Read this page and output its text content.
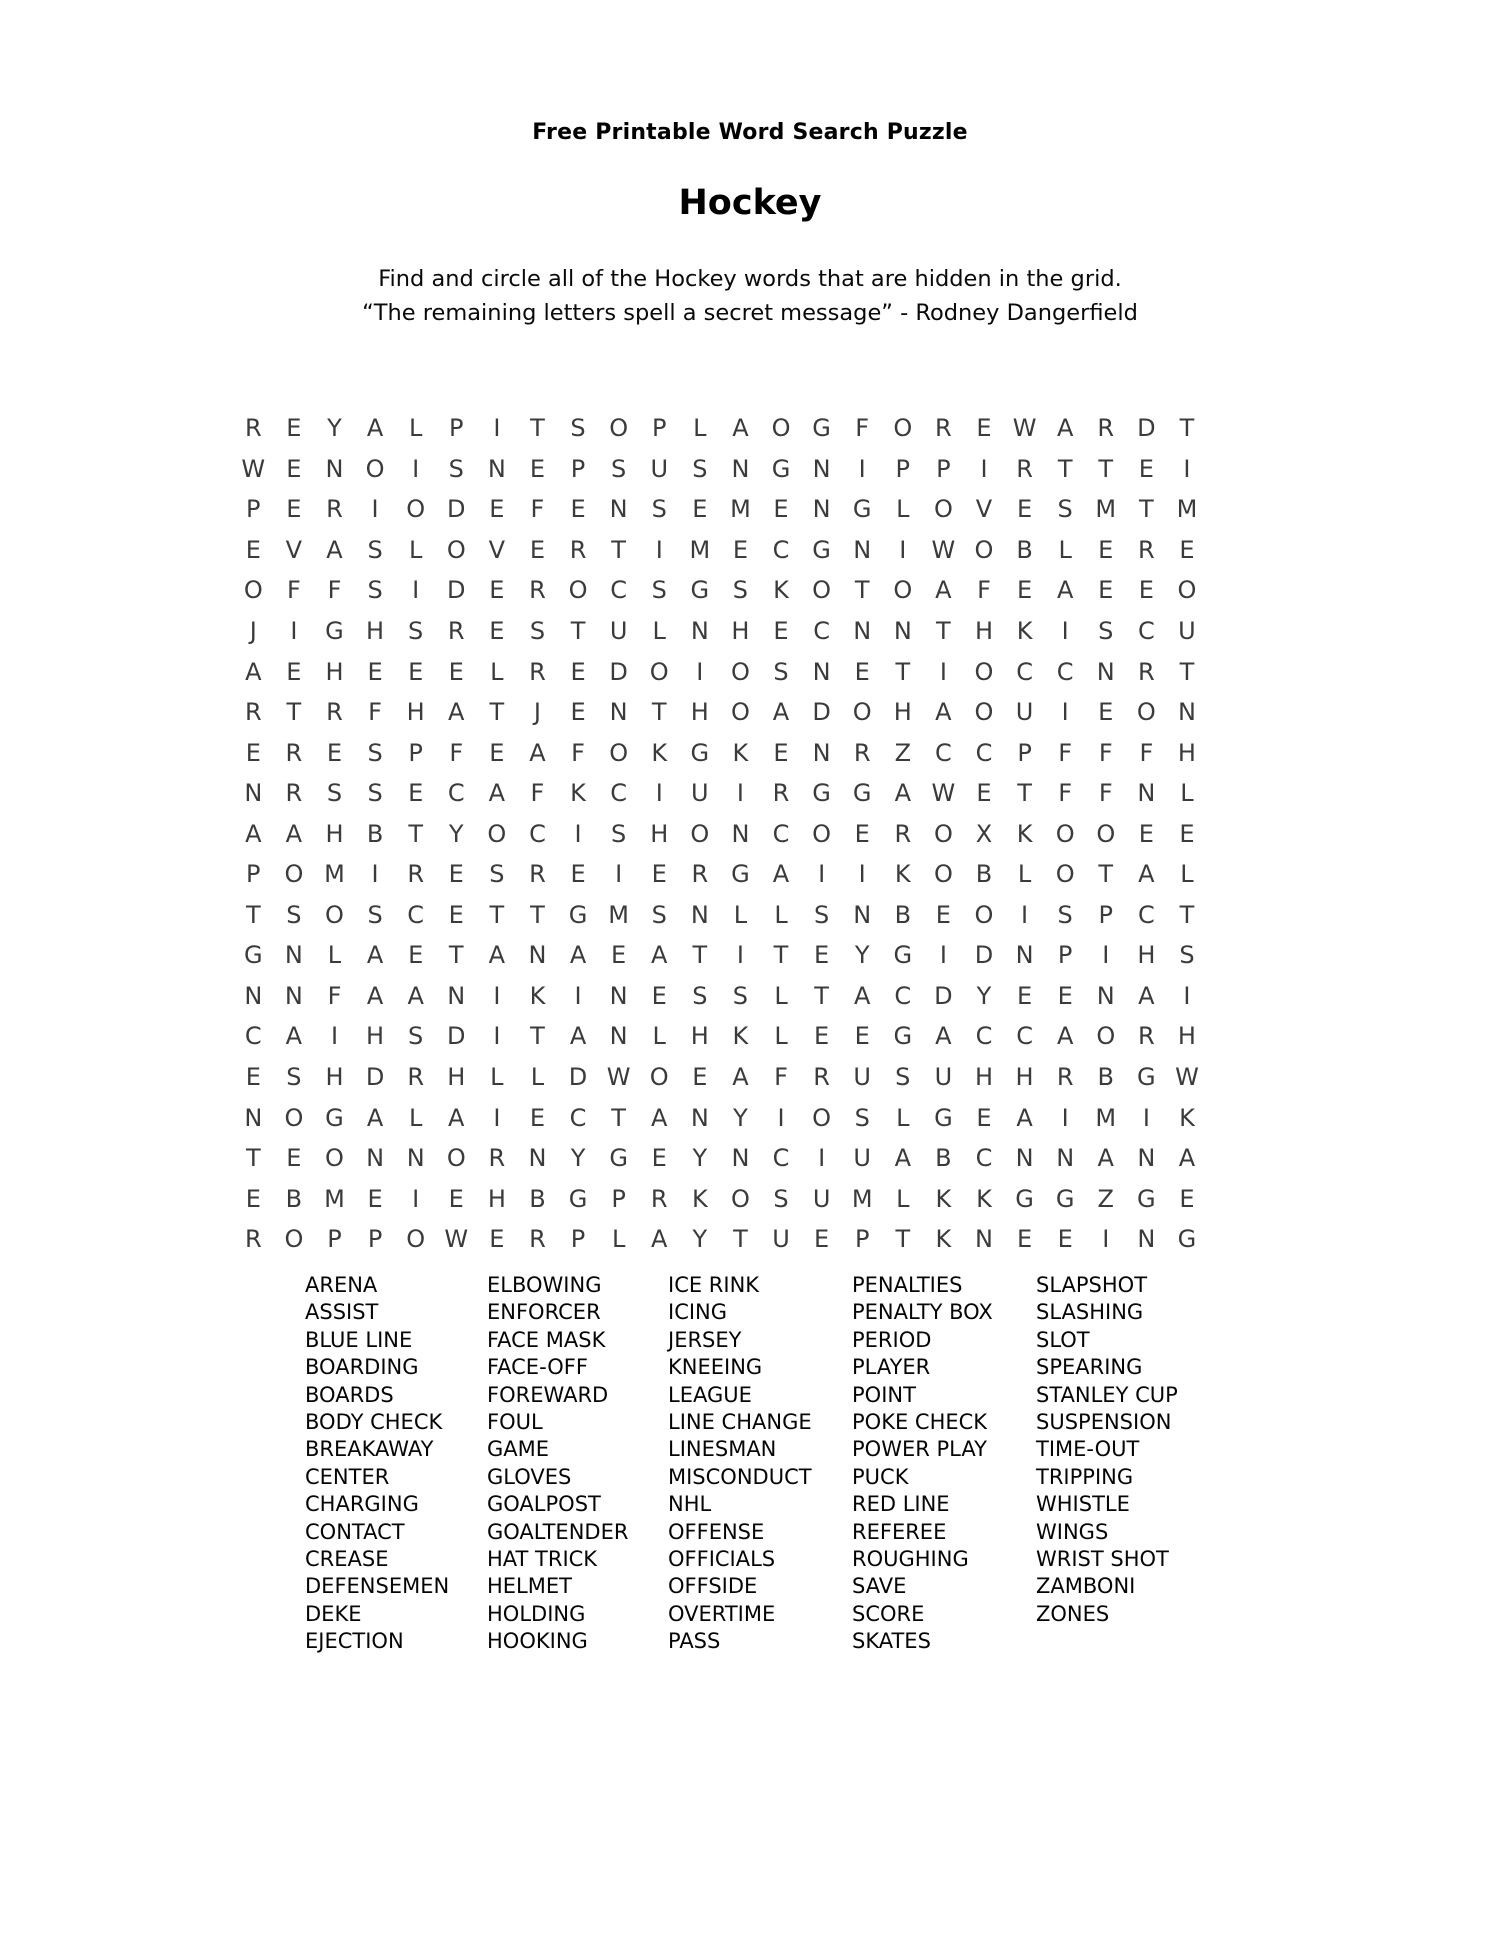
Free Printable Word Search Puzzle
Hockey
Find and circle all of the Hockey words that are hidden in the grid.
“The remaining letters spell a secret message” - Rodney Dangerfield
R	E	Y	A	L	P	I	T	S O P	L	A O G	F	O R	E W A	R D	T
W E	N O	I	S	N	E	P	S	U	S	N G N	I	P	P	I	R	T	T	E	I
P	E	R	I	O D E	F	E	N	S	E M E	N G	L	O V	E	S M T M
E	V	A	S	L	O V	E	R	T	I	M E	C G N	I	W O B	L	E	R	E
O	F	F	S	I	D E	R O C	S G S	K O T O A	F	E	A	E	E O
J	I	G H S	R	E	S	T	U	L	N H E	C N N	T	H K	I	S	C U
A	E H E	E	E	L	R	E D O	I	O S	N	E	T	I	O C C N R	T
R	T	R	F	H A	T	J	E	N	T	H O A D O H A O U	I	E O N
E	R	E	S	P	F	E	A	F	O K G K	E	N R	Z C C	P	F	F	F	H
N R	S	S	E	C	A	F	K	C	I	U	I	R G G A W E	T	F	F	N	L
A	A H B	T	Y O C	I	S H O N C O E	R O X	K O O E	E
P O M	I	R	E	S	R	E	I	E	R G A	I	I	K O B	L	O T	A	L
T	S O S	C	E	T	T G M S	N	L	L	S	N B	E O	I	S	P	C	T
G N	L	A	E	T	A N A	E	A	T	I	T	E	Y G	I	D N	P	I	H S
N N	F	A	A N	I	K	I	N	E	S	S	L	T	A	C D	Y	E	E	N A	I
C	A	I	H S D	I	T	A N	L	H K	L	E	E G A	C C	A O R H
E	S H D R H	L	L	D W O E	A	F	R U	S	U H H R	B G W
N O G A	L	A	I	E	C	T	A N	Y	I	O S	L	G E	A	I	M	I	K
T	E O N N O R N	Y G E	Y	N C	I	U A	B C N N A N A
E	B M E	I	E H B G	P	R	K O S	U M L	K	K G G Z G E
R O P	P O W E	R	P	L	A	Y	T	U	E	P	T	K N	E	E	I	N G
ARENA
ASSIST
BLUE LINE
BOARDING
BOARDS
BODY CHECK
BREAKAWAY
CENTER
CHARGING
CONTACT
CREASE
DEFENSEMEN
DEKE
EJECTION
ELBOWING
ENFORCER
FACE MASK
FACE-OFF
FOREWARD
FOUL
GAME
GLOVES
GOALPOST
GOALTENDER
HAT TRICK
HELMET
HOLDING
HOOKING
ICE RINK
ICING
JERSEY
KNEEING
LEAGUE
LINE CHANGE
LINESMAN
MISCONDUCT
NHL
OFFENSE
OFFICIALS
OFFSIDE
OVERTIME
PASS
PENALTIES
PENALTY BOX
PERIOD
PLAYER
POINT
POKE CHECK
POWER PLAY
PUCK
RED LINE
REFEREE
ROUGHING
SAVE
SCORE
SKATES
SLAPSHOT
SLASHING
SLOT
SPEARING
STANLEY CUP
SUSPENSION
TIME-OUT
TRIPPING
WHISTLE
WINGS
WRIST SHOT
ZAMBONI
ZONES
